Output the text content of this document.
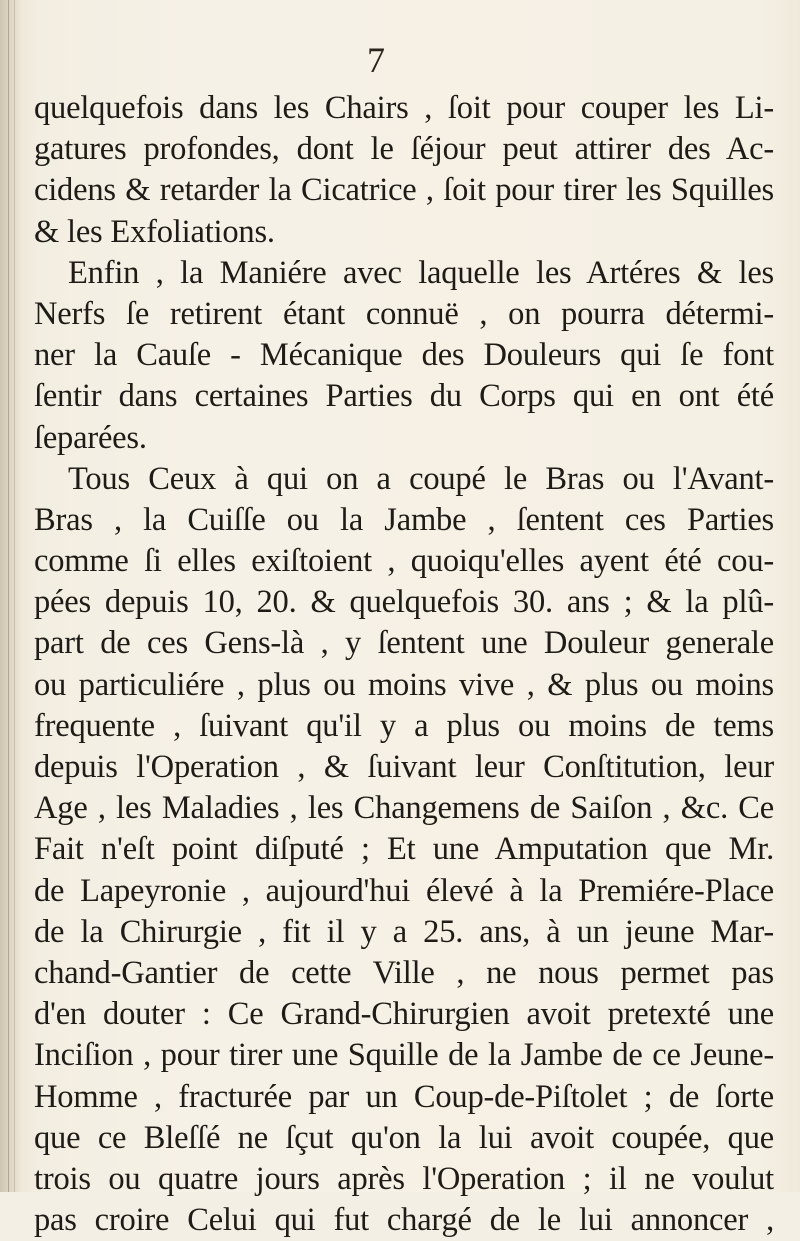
7
quelquefois dans les Chairs , ſoit pour couper les Li-
gatures profondes, dont le ſéjour peut attirer des Ac-
cidens & retarder la Cicatrice , ſoit pour tirer les Squilles
& les Exfoliations.
Enfin , la Maniére avec laquelle les Artéres & les
Nerfs ſe retirent étant connuë , on pourra détermi-
ner la Cauſe - Mécanique des Douleurs qui ſe font
ſentir dans certaines Parties du Corps qui en ont été
ſeparées.
Tous Ceux à qui on a coupé le Bras ou l'Avant-
Bras , la Cuiſſe ou la Jambe , ſentent ces Parties
comme ſi elles exiſtoient , quoiqu'elles ayent été cou-
pées depuis 10, 20. & quelquefois 30. ans ; & la plû-
part de ces Gens-là , y ſentent une Douleur generale
ou particuliére , plus ou moins vive , & plus ou moins
frequente , ſuivant qu'il y a plus ou moins de tems
depuis l'Operation , & ſuivant leur Conſtitution, leur
Age , les Maladies , les Changemens de Saiſon , &c. Ce
Fait n'eſt point diſputé ; Et une Amputation que Mr.
de Lapeyronie , aujourd'hui élevé à la Premiére-Place
de la Chirurgie , fit il y a 25. ans, à un jeune Mar-
chand-Gantier de cette Ville , ne nous permet pas
d'en douter : Ce Grand-Chirurgien avoit pretexté une
Inciſion , pour tirer une Squille de la Jambe de ce Jeune-
Homme , fracturée par un Coup-de-Piſtolet ; de ſorte
que ce Bleſſé ne ſçut qu'on la lui avoit coupée, que
trois ou quatre jours après l'Operation ; il ne voulut
pas croire Celui qui fut chargé de le lui annoncer ,
